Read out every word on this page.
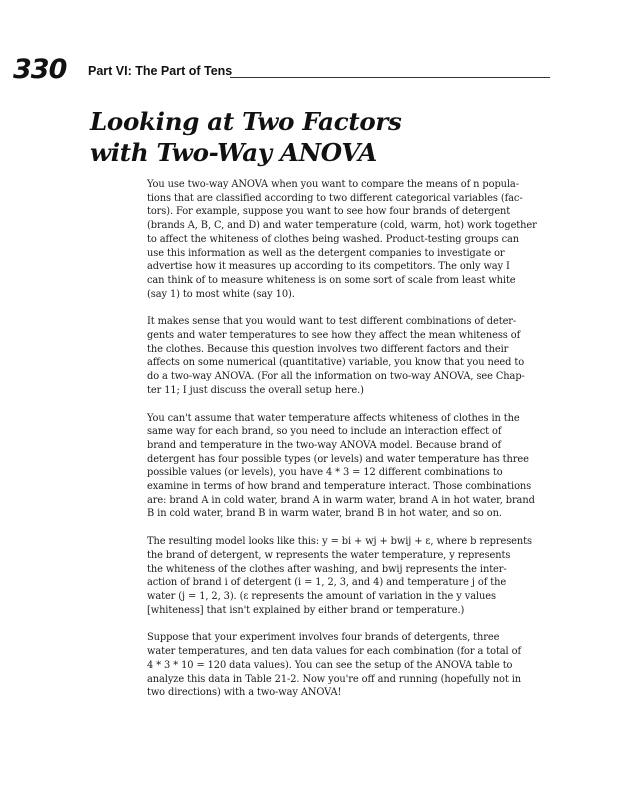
330 Part VI: The Part of Tens
Looking at Two Factors
with Two-Way ANOVA

You use two-way ANOVA when you want to compare the means of n popula-
tions that are classified according to two different categorical variables (fac-
tors). For example, suppose you want to see how four brands of detergent
(brands A, B, C, and D) and water temperature (cold, warm, hot) work together
to affect the whiteness of clothes being washed. Product-testing groups can
use this information as well as the detergent companies to investigate or
advertise how it measures up according to its competitors. The only way I
can think of to measure whiteness is on some sort of scale from least white
(say 1) to most white (say 10).

It makes sense that you would want to test different combinations of deter-
gents and water temperatures to see how they affect the mean whiteness of
the clothes. Because this question involves two different factors and their
affects on some numerical (quantitative) variable, you know that you need to
do a two-way ANOVA. (For all the information on two-way ANOVA, see Chap-
ter 11; I just discuss the overall setup here.)

You can't assume that water temperature affects whiteness of clothes in the
same way for each brand, so you need to include an interaction effect of
brand and temperature in the two-way ANOVA model. Because brand of
detergent has four possible types (or levels) and water temperature has three
possible values (or levels), you have 4 * 3 = 12 different combinations to
examine in terms of how brand and temperature interact. Those combinations
are: brand A in cold water, brand A in warm water, brand A in hot water, brand
B in cold water, brand B in warm water, brand B in hot water, and so on.

The resulting model looks like this: y = bi + wj + bwij + ε, where b represents
the brand of detergent, w represents the water temperature, y represents
the whiteness of the clothes after washing, and bwij represents the inter-
action of brand i of detergent (i = 1, 2, 3, and 4) and temperature j of the
water (j = 1, 2, 3). (ε represents the amount of variation in the y values
[whiteness] that isn't explained by either brand or temperature.)

Suppose that your experiment involves four brands of detergents, three
water temperatures, and ten data values for each combination (for a total of
4 * 3 * 10 = 120 data values). You can see the setup of the ANOVA table to
analyze this data in Table 21-2. Now you're off and running (hopefully not in
two directions) with a two-way ANOVA!
